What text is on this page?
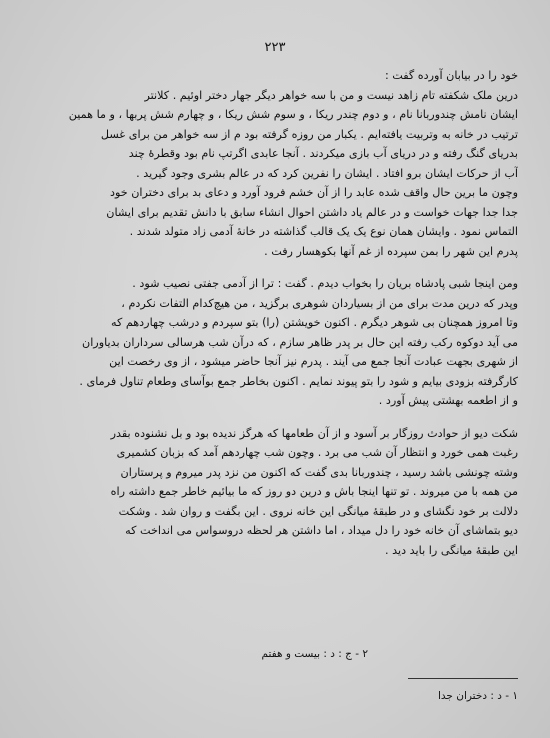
۲۲۳

خود را در بیابان آورده گفت :
درین ملک شکفته تام زاهد نیست و من با سه خواهر دیگر جهار دختر اوئیم . کلانتر
ایشان نامش چندوربانا نام ، و دوم چندر ریکا ، و سوم شش ریکا ، و چهارم شش پربها ، و ما همین
ترتیب در خانه به وتربیت یافته‌ایم . یکبار من روزه گرفته بود م از سه خواهر من برای غسل
بدریای گنگ رفته و در دریای آب بازی میکردند . آنجا عابدی اگرتپ نام بود وقطرهٔ چند
آب از حرکات ایشان برو افتاد . ایشان را نفرین کرد که در عالم بشری وجود گیرید .
وچون ما برین حال واقف شده عابد را از آن خشم فرود آورد و دعای بد برای دختران خود
جدا جدا جهات خواست و در عالم یاد داشتن احوال انشاء سابق با دانش تقدیم برای ایشان
التماس نمود . وایشان همان نوع یک یک قالب گذاشته در خانهٔ آدمی زاد متولد شدند .
پدرم این شهر را بمن سپرده از غم آنها بکوهسار رفت .

ومن اینجا شبی پادشاه بریان را بخواب دیدم . گفت : ترا از آدمی جفتی نصیب شود .
وپدر که درین مدت برای من از بسیاردان شوهری برگزید ، من هیچ‌کدام التفات نکردم ،
وتا امروز همچنان بی شوهر دیگرم . اکنون خویشتن (را) بتو سپردم و درشب چهاردهم که
می آید دوکوه رکب رفته این حال بر پدر ظاهر سازم ، که درآن شب هرسالی سرداران بدیاوران
از شهری بجهت عبادت آنجا جمع می آیند . پدرم نیز آنجا حاضر میشود ، از وی رخصت این
کارگرفته بزودی بیایم و شود را بتو پیوند نمایم . اکنون بخاطر جمع بوآسای وطعام تناول فرمای .
و از اطعمه بهشتی پیش آورد .

شکت دیو از حوادث روزگار بر آسود و از آن طعامها که هرگز ندیده بود و بل نشنوده بقدر
رغبت همی خورد و انتظار آن شب می برد . وچون شب چهاردهم آمد که بزبان کشمیری
وشته چونشی باشد رسید ، چندوربانا بدی گفت که اکنون من نزد پدر میروم و پرستاران
من همه با من میروند . تو تنها اینجا باش و درین دو روز که ما بیائیم خاطر جمع داشته راه
دلالت بر خود نگشای و در طبقهٔ میانگی این خانه نروی . این بگفت و روان شد . وشکت
دیو بتماشای آن خانه خود را دل میداد ، اما داشتن هر لحظه دروسواس می انداخت که
این طبقهٔ میانگی را باید دید .

۲ - ج : د : بیست و هفتم
۱ - د : دختران جدا
